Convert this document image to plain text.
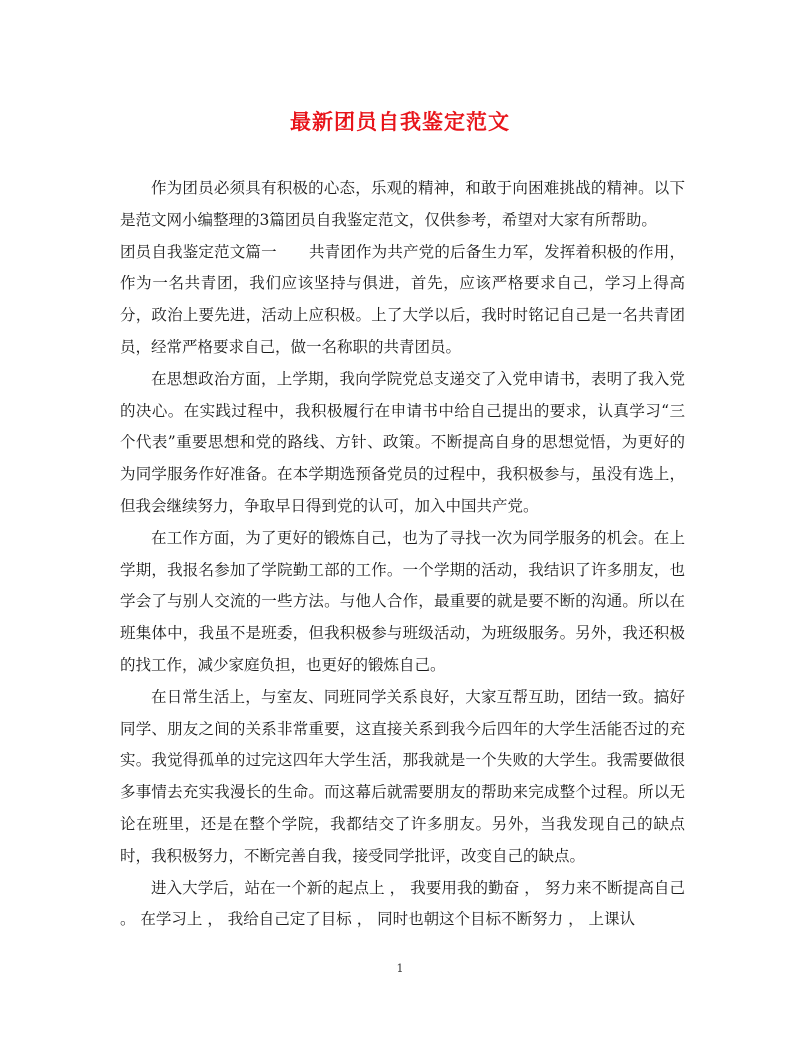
最新团员自我鉴定范文

作为团员必须具有积极的心态，乐观的精神，和敢于向困难挑战的精神。以下是范文网小编整理的3篇团员自我鉴定范文，仅供参考，希望对大家有所帮助。

团员自我鉴定范文篇一 共青团作为共产党的后备生力军，发挥着积极的作用，作为一名共青团，我们应该坚持与俱进，首先，应该严格要求自己，学习上得高分，政治上要先进，活动上应积极。上了大学以后，我时时铭记自己是一名共青团员，经常严格要求自己，做一名称职的共青团员。

在思想政治方面，上学期，我向学院党总支递交了入党申请书，表明了我入党的决心。在实践过程中，我积极履行在申请书中给自己提出的要求，认真学习“三个代表”重要思想和党的路线、方针、政策。不断提高自身的思想觉悟，为更好的为同学服务作好准备。在本学期选预备党员的过程中，我积极参与，虽没有选上，但我会继续努力，争取早日得到党的认可，加入中国共产党。

在工作方面，为了更好的锻炼自己，也为了寻找一次为同学服务的机会。在上学期，我报名参加了学院勤工部的工作。一个学期的活动，我结识了许多朋友，也学会了与别人交流的一些方法。与他人合作，最重要的就是要不断的沟通。所以在班集体中，我虽不是班委，但我积极参与班级活动，为班级服务。另外，我还积极的找工作，减少家庭负担，也更好的锻炼自己。

在日常生活上，与室友、同班同学关系良好，大家互帮互助，团结一致。搞好同学、朋友之间的关系非常重要，这直接关系到我今后四年的大学生活能否过的充实。我觉得孤单的过完这四年大学生活，那我就是一个失败的大学生。我需要做很多事情去充实我漫长的生命。而这幕后就需要朋友的帮助来完成整个过程。所以无论在班里，还是在整个学院，我都结交了许多朋友。另外，当我发现自己的缺点时，我积极努力，不断完善自我，接受同学批评，改变自己的缺点。

进入大学后，站在一个新的起点上 ， 我要用我的勤奋 ， 努力来不断提高自己 。 在学习上 ， 我给自己定了目标 ， 同时也朝这个目标不断努力 ， 上课认

1
